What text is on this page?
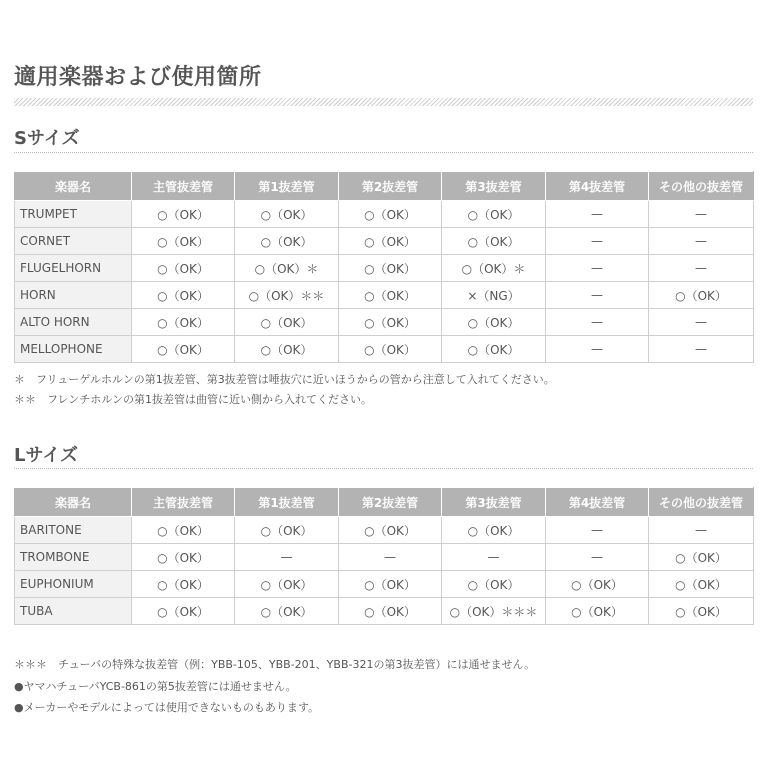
適用楽器および使用箇所
Sサイズ
楽器名	主管抜差管	第1抜差管	第2抜差管	第3抜差管	第4抜差管	その他の抜差管
TRUMPET	○（OK）	○（OK）	○（OK）	○（OK）	—	—
CORNET	○（OK）	○（OK）	○（OK）	○（OK）	—	—
FLUGELHORN	○（OK）	○（OK）＊	○（OK）	○（OK）＊	—	—
HORN	○（OK）	○（OK）＊＊	○（OK）	×（NG）	—	○（OK）
ALTO HORN	○（OK）	○（OK）	○（OK）	○（OK）	—	—
MELLOPHONE	○（OK）	○（OK）	○（OK）	○（OK）	—	—
＊　フリューゲルホルンの第1抜差管、第3抜差管は唾抜穴に近いほうからの管から注意して入れてください。
＊＊　フレンチホルンの第1抜差管は曲管に近い側から入れてください。
Lサイズ
楽器名	主管抜差管	第1抜差管	第2抜差管	第3抜差管	第4抜差管	その他の抜差管
BARITONE	○（OK）	○（OK）	○（OK）	○（OK）	—	—
TROMBONE	○（OK）	—	—	—	—	○（OK）
EUPHONIUM	○（OK）	○（OK）	○（OK）	○（OK）	○（OK）	○（OK）
TUBA	○（OK）	○（OK）	○（OK）	○（OK）＊＊＊	○（OK）	○（OK）
＊＊＊　チューバの特殊な抜差管（例：YBB-105、YBB-201、YBB-321の第3抜差管）には通せません。
●ヤマハチューバYCB-861の第5抜差管には通せません。
●メーカーやモデルによっては使用できないものもあります。
